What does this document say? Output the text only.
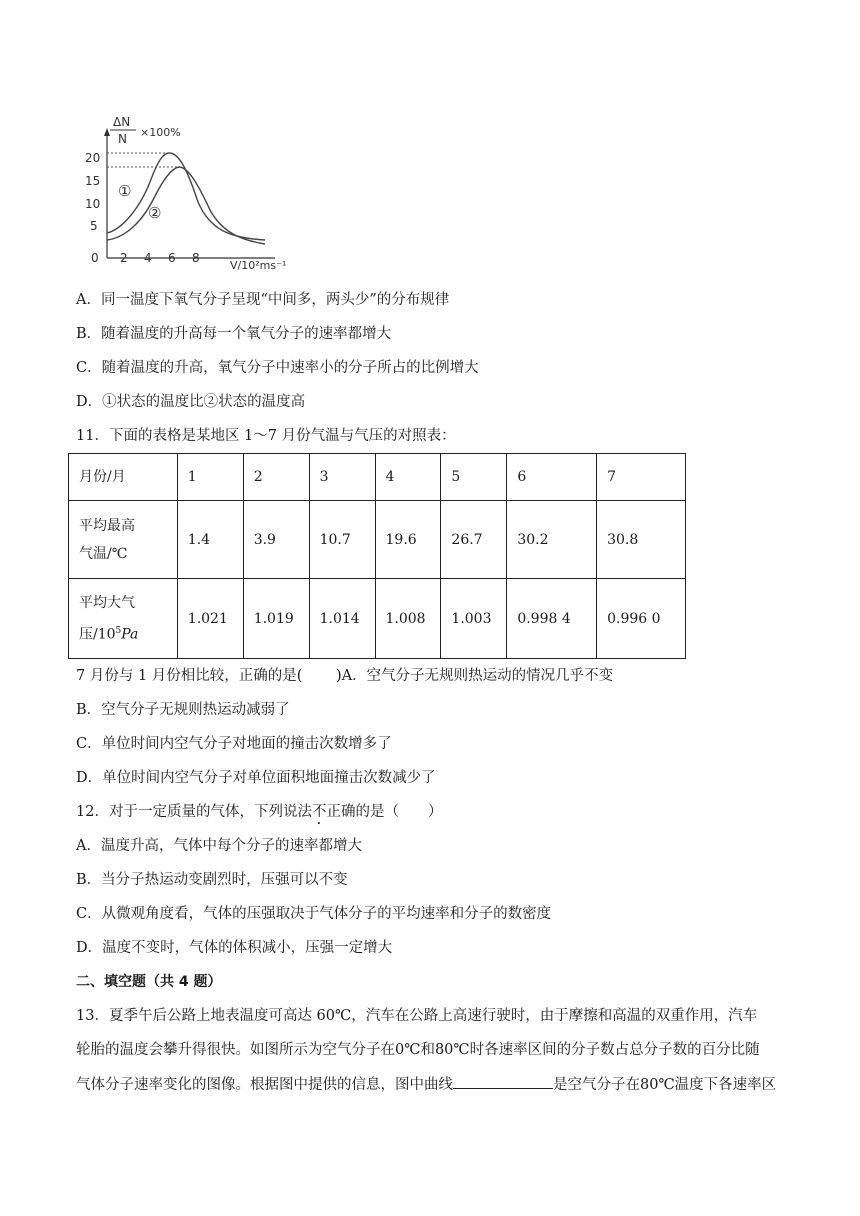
ΔN
N ×100%
20
15
10
5
0 2 4 6 8
V/10²ms⁻¹
①
②
A．同一温度下氧气分子呈现“中间多，两头少”的分布规律
B．随着温度的升高每一个氧气分子的速率都增大
C．随着温度的升高，氧气分子中速率小的分子所占的比例增大
D．①状态的温度比②状态的温度高
11．下面的表格是某地区 1～7 月份气温与气压的对照表：
月份/月	1	2	3	4	5	6	7

平均最高
气温/℃	1.4	3.9	10.7	19.6	26.7	30.2	30.8

平均大气
压$/10^5Pa$	1.021	1.019	1.014	1.008	1.003	0.998 4	0.996 0
7 月份与 1 月份相比较，正确的是(　　 )A．空气分子无规则热运动的情况几乎不变
B．空气分子无规则热运动减弱了
C．单位时间内空气分子对地面的撞击次数增多了
D．单位时间内空气分子对单位面积地面撞击次数减少了
12．对于一定质量的气体，下列说法不正确的是（　　）
A．温度升高，气体中每个分子的速率都增大
B．当分子热运动变剧烈时，压强可以不变
C．从微观角度看，气体的压强取决于气体分子的平均速率和分子的数密度
D．温度不变时，气体的体积减小，压强一定增大
二、填空题（共 4 题）
13．夏季午后公路上地表温度可高达 60℃，汽车在公路上高速行驶时，由于摩擦和高温的双重作用，汽车
轮胎的温度会攀升得很快。如图所示为空气分子在0℃和80℃时各速率区间的分子数占总分子数的百分比随
气体分子速率变化的图像。根据图中提供的信息，图中曲线	是空气分子在80℃温度下各速率区
